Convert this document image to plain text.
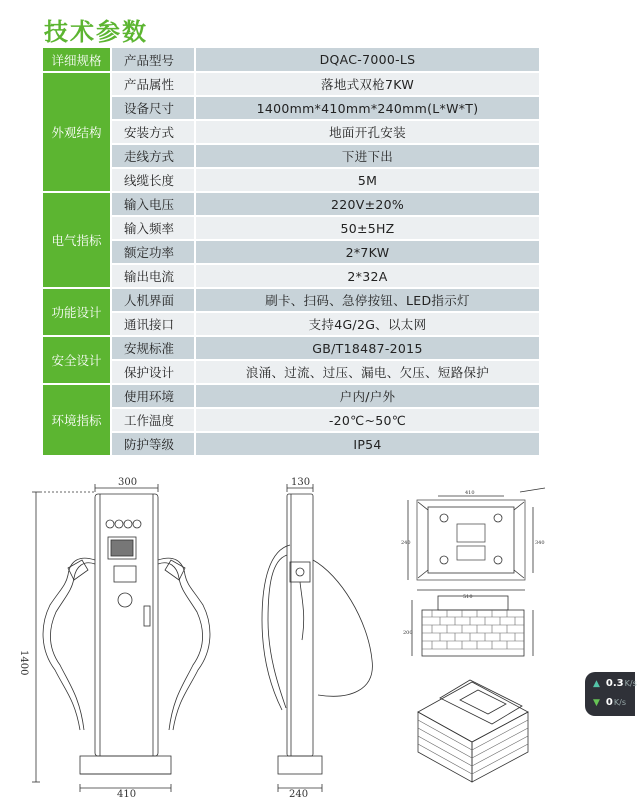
技术参数
详细规格	产品型号	DQAC-7000-LS
外观结构	产品属性	落地式双枪7KW
	设备尺寸	1400mm*410mm*240mm(L*W*T)
	安装方式	地面开孔安装
	走线方式	下进下出
	线缆长度	5M
电气指标	输入电压	220V±20%
	输入频率	50±5HZ
	额定功率	2*7KW
	输出电流	2*32A
功能设计	人机界面	刷卡、扫码、急停按钮、LED指示灯
	通讯接口	支持4G/2G、以太网
安全设计	安规标准	GB/T18487-2015
	保护设计	浪涌、过流、过压、漏电、欠压、短路保护
环境指标	使用环境	户内/户外
	工作温度	-20℃~50℃
	防护等级	IP54
300
1400
410
130
240
410
240
510
340
200
▲ 0.3K/s
▼ 0K/s
